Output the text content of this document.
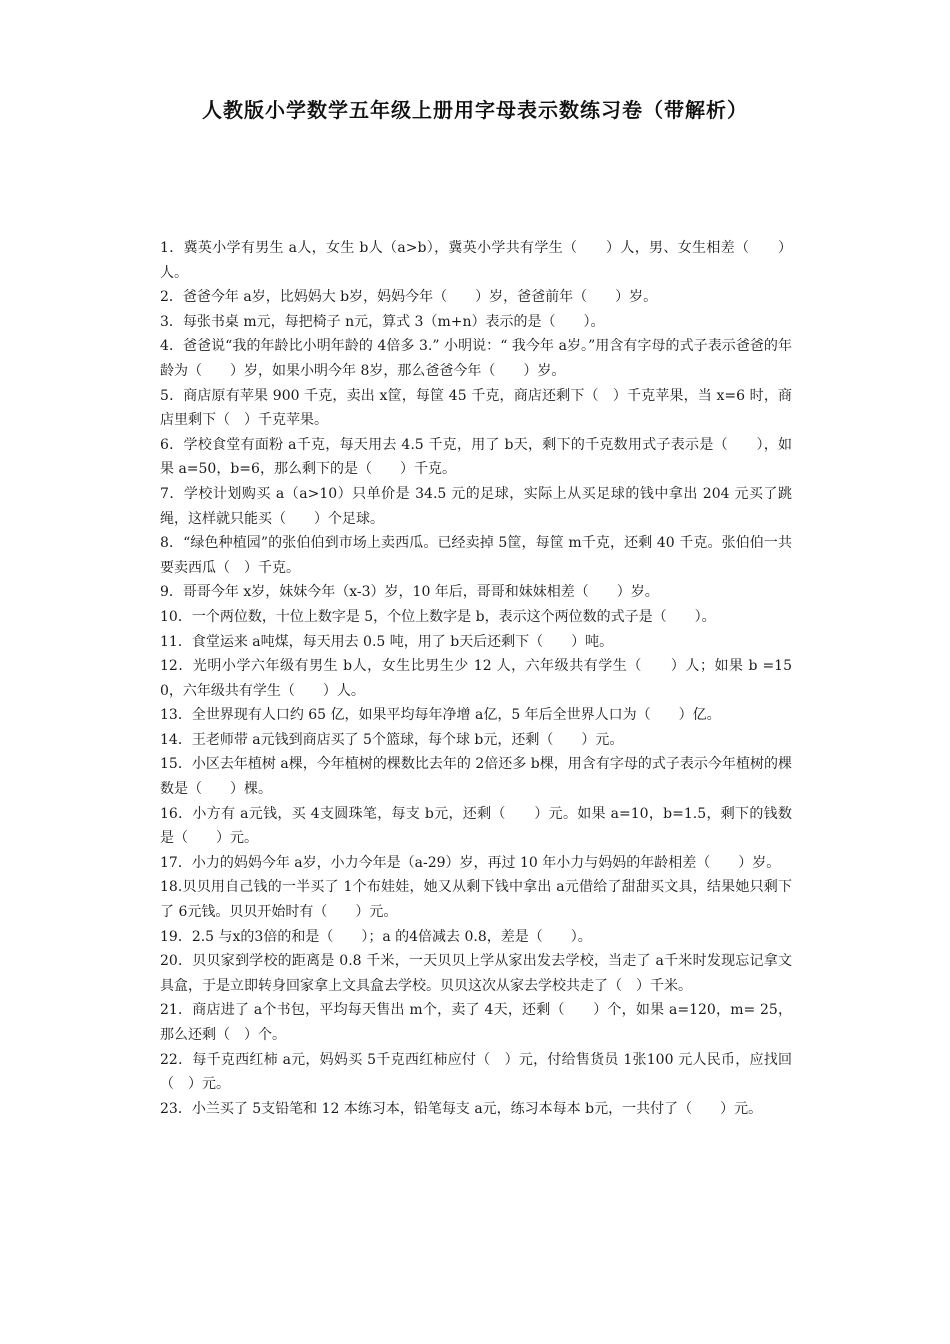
人教版小学数学五年级上册用字母表示数练习卷（带解析）

1．冀英小学有男生 a人，女生 b人（a>b），冀英小学共有学生（　　）人，男、女生相差（　　）人。

2．爸爸今年 a岁，比妈妈大 b岁，妈妈今年（　　）岁，爸爸前年（　　）岁。

3．每张书桌 m元，每把椅子 n元，算式 3（m+n）表示的是（　　）。

4．爸爸说“我的年龄比小明年龄的 4倍多 3.” 小明说：“ 我今年 a岁。”用含有字母的式子表示爸爸的年龄为（　　）岁，如果小明今年 8岁，那么爸爸今年（　　）岁。

5．商店原有苹果 900 千克，卖出 x筐，每筐 45 千克，商店还剩下（　）千克苹果，当 x=6 时，商店里剩下（　）千克苹果。

6．学校食堂有面粉 a千克，每天用去 4.5 千克，用了 b天，剩下的千克数用式子表示是（　　），如果 a=50，b=6，那么剩下的是（　　）千克。

7．学校计划购买 a（a>10）只单价是 34.5 元的足球，实际上从买足球的钱中拿出 204 元买了跳绳，这样就只能买（　　）个足球。

8．“绿色种植园”的张伯伯到市场上卖西瓜。已经卖掉 5筐，每筐 m千克，还剩 40 千克。张伯伯一共要卖西瓜（　）千克。

9．哥哥今年 x岁，妹妹今年（x-3）岁，10 年后，哥哥和妹妹相差（　　）岁。

10．一个两位数，十位上数字是 5，个位上数字是 b，表示这个两位数的式子是（　　）。

11．食堂运来 a吨煤，每天用去 0.5 吨，用了 b天后还剩下（　　）吨。

12．光明小学六年级有男生 b人，女生比男生少 12 人，六年级共有学生（　　）人；如果 b =150，六年级共有学生（　　）人。

13．全世界现有人口约 65 亿，如果平均每年净增 a亿，5 年后全世界人口为（　　）亿。

14．王老师带 a元钱到商店买了 5个篮球，每个球 b元，还剩（　　）元。

15．小区去年植树 a棵，今年植树的棵数比去年的 2倍还多 b棵，用含有字母的式子表示今年植树的棵数是（　　）棵。

16．小方有 a元钱，买 4支圆珠笔，每支 b元，还剩（　　）元。如果 a=10，b=1.5，剩下的钱数是（　　）元。

17．小力的妈妈今年 a岁，小力今年是（a-29）岁，再过 10 年小力与妈妈的年龄相差（　　）岁。

18.贝贝用自己钱的一半买了 1个布娃娃，她又从剩下钱中拿出 a元借给了甜甜买文具，结果她只剩下了 6元钱。贝贝开始时有（　　）元。

19．2.5 与x的3倍的和是（　　）；a 的4倍减去 0.8，差是（　　）。

20．贝贝家到学校的距离是 0.8 千米，一天贝贝上学从家出发去学校，当走了 a千米时发现忘记拿文具盒，于是立即转身回家拿上文具盒去学校。贝贝这次从家去学校共走了（　）千米。

21．商店进了 a个书包，平均每天售出 m个，卖了 4天，还剩（　　）个，如果 a=120，m= 25，那么还剩（　）个。

22．每千克西红柿 a元，妈妈买 5千克西红柿应付（　）元，付给售货员 1张100 元人民币，应找回（　）元。

23．小兰买了 5支铅笔和 12 本练习本，铅笔每支 a元，练习本每本 b元，一共付了（　　）元。
